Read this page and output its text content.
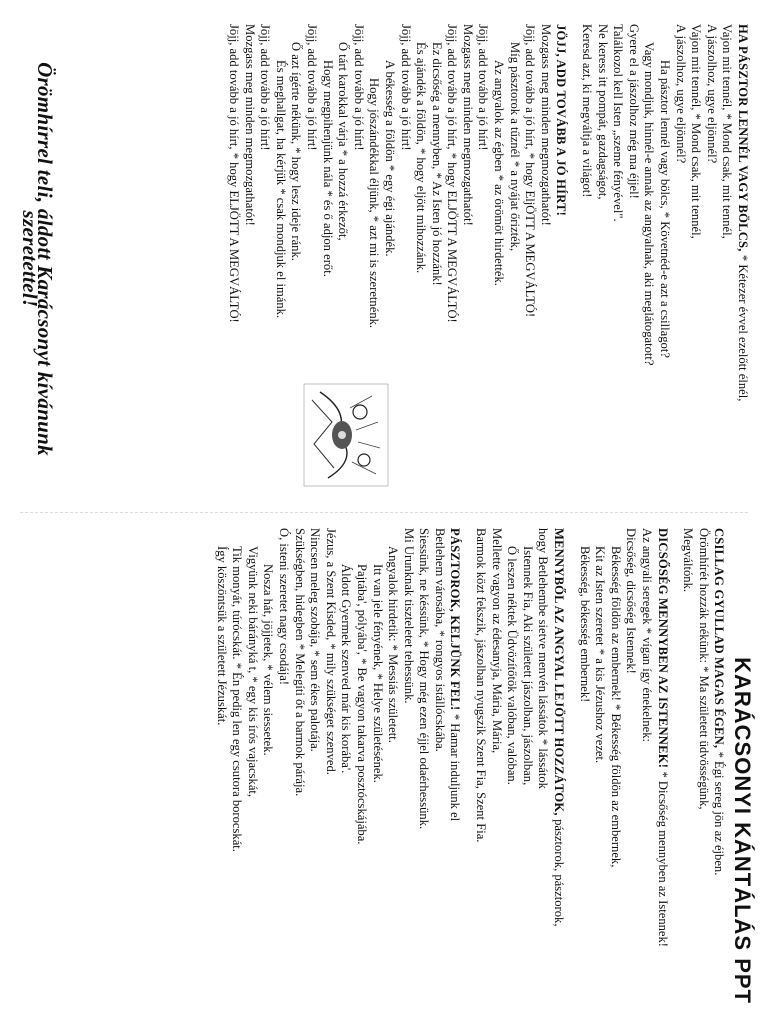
HA PÁSZTOR LENNÉL VAGY BÖLCS, * Kétezer évvel ezelőtt élnél,
Vajon mit tennél, * Mond csak, mit tennél,
A jászolhoz, ugye eljönnél?
Vajon mit tennél, * Mond csak, mit tennél,
A jászolhoz, ugye eljönnél?
Ha pásztor lennél vagy bölcs, * Követnéd-e azt a csillagot?
Vagy mondjuk, hinnél-e annak az angyalnak, aki meglátogatott?
Gyere el a jászolhoz még ma éjjel!
Találkozol kell Isten „szeme fényével".
Ne keress itt pompát, gazdagságot,
Keresd azt, ki megváltja a világot!
JÖJJ, ADD TOVÁBB A JÓ HÍRT!
Mozgass meg minden megmozgathatót!
Jöjj, add tovább a jó hírt, * hogy EljÖTT A MEGVÁLTÓ!
Míg pásztorok a tűznél * a nyájat őrizték,
Az angyalok az égben * az örömöt hirdették.
Jöjj, add tovább a jó hírt!
Mozgass meg minden megmozgathatót!
Jöjj, add tovább a jó hírt, * hogy ELJÖTT A MEGVÁLTÓ!
Ez dicsőség a mennyben, * Az Isten jó hozzánk!
És ajándék a földön, * hogy eljött mihozzánk.
Jöjj, add tovább a jó hírt!
A békesség a földön * egy égi ajándék.
Hogy jószándékkal éljünk, * azt mi is szeretnénk.
Jöjj, add tovább a jó hírt!
Ő tárt karokkal várja * a hozzá érkezőt,
Hogy megpihenjünk nála * és ő adjon erőt.
Jöjj, add tovább a jó hírt!
Ő azt ígérte nékünk, * hogy lesz ideje ránk.
És meghallgat, ha kérjük * csak mondjuk el imánk.
Jöjj, add tovább a jó hírt!
Mozgass meg minden megmozgathatót!
Jöjj, add tovább a jó hírt, * hogy ELJÖTT A MEGVÁLTÓ!
Örömhírrel teli, áldott Karácsonyt kívánunk szeretettel!
KARÁCSONYI KÁNTÁLÁS PPT
CSILLAG GYULLAD MAGAS ÉGEN, * Égi sereg jön az éjben.
Örömhírét hozzák nékünk: * Ma született üdvösségünk,
Megváltónk.
DICSŐSÉG MENNYBEN AZ ISTENNEK! * Dicsőség mennyben az Istennek!
Az angyali seregek * vígan így énekelnek:
Dicsőség, dicsőség Istennek!
Békesség földön az embernek! * Békesség földön az embernek,
Kit az Isten szeretet * a kis Jézushoz vezet.
Békesség, békesség embernek!
MENNYBŐL AZ ANGYAL LEJÖTT HOZZÁTOK, pásztorok, pásztorok,
hogy Betlehembe sietve menvén lássátok * lássátok
Istennek Fia, Aki született jászolban, jászolban,
Ő leszen néktek Üdvözítőtök valóban, valóban.
Mellette vagyon az édesanyja, Mária, Mária,
Barmok közt fekszik, jászolban nyugszik Szent Fia, Szent Fia.
PÁSZTOROK, KELJÜNK FEL! * Hamar induljunk el
Betlehem városába, * rongyos istállócskába.
Siessünk, ne késsünk, * Hogy még ezen éjjel odaérhessünk.
Mi Urunknak tiszteletet tehessünk.
Angyalok hirdetik: * Messiás született.
Itt van jele fényének, * Helye születésének.
Pajtába', pólyába', * Be vagyon takarva posztócskájába.
Áldott Gyermek szenved már kis korába'.
Jézus, a Szent Kisded, * mily szükséget szenved.
Nincsen meleg szobája, * sem ékes palotája.
Szükségben, hidegben * Melegíti őt a barmok párája.
Ó, isteni szeretet nagy csodája!
Nosza hát, jöjjetek, * vélem siessetek.
Vigyünk neki bárányká t, * egy kis írós vajacskát,
Tik monyát, túrócskát. * Én pedig len egy csutora borocskát.
Így köszöntsük a született Jézuskát.
